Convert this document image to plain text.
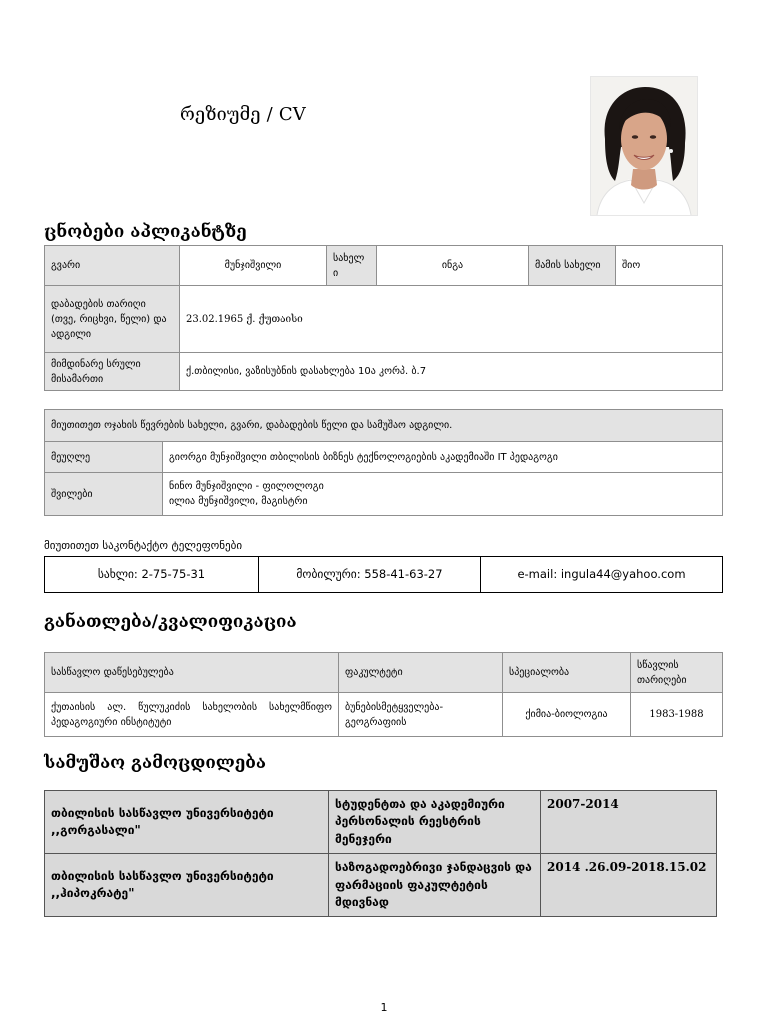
რეზიუმე / CV
ცნობები აპლიკანტზე
გვარი	მუნჯიშვილი	სახელ ი	ინგა	მამის სახელი	შიო
დაბადების თარიღი (თვე, რიცხვი, წელი) და ადგილი	23.02.1965 ქ. ქუთაისი				
მიმდინარე სრული მისამართი	ქ.თბილისი, ვაზისუბნის დასახლება 10ა კორპ. ბ.7				
მიუთითეთ ოჯახის წევრების სახელი, გვარი, დაბადების წელი და სამუშაო ადგილი.	
მეუღლე	გიორგი მუნჯიშვილი თბილისის ბიზნეს ტექნოლოგიების აკადემიაში IT პედაგოგი
შვილები	ნინო მუნჯიშვილი - ფილოლოგი
ილია მუნჯიშვილი, მაგისტრი
მიუთითეთ საკონტაქტო ტელეფონები
სახლი: 2-75-75-31	მობილური: 558-41-63-27	e-mail: ingula44@yahoo.com
განათლება/კვალიფიკაცია
სასწავლო დაწესებულება	ფაკულტეტი	სპეციალობა	სწავლის თარიღები
ქუთაისის ალ. წულუკიძის სახელობის სახელმწიფო პედაგოგიური ინსტიტუტი	ბუნებისმეტყველება-გეოგრაფიის	ქიმია-ბიოლოგია	1983-1988
სამუშაო გამოცდილება
თბილისის სასწავლო უნივერსიტეტი ,,გორგასალი"	სტუდენტთა და აკადემიური პერსონალის რეესტრის მენეჯერი	2007-2014
თბილისის სასწავლო უნივერსიტეტი ,,ჰიპოკრატე"	საზოგადოებრივი ჯანდაცვის და ფარმაციის ფაკულტეტის მდივნად	2014 .26.09-2018.15.02
1
